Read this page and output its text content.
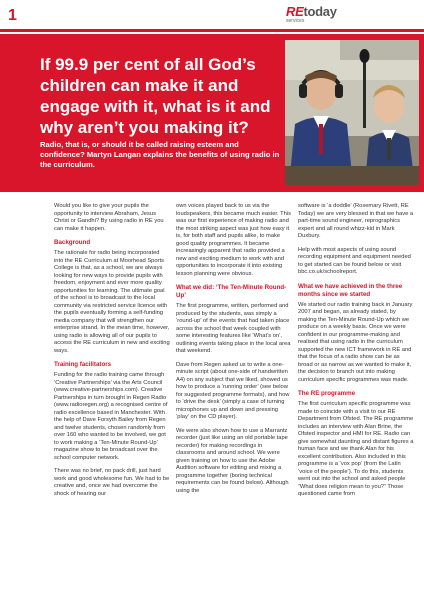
1	REtoday
services
If 99.9 per cent of all God’s children can make it and engage with it, what is it and why aren’t you making it?
Radio, that is, or should it be called raising esteem and confidence? Martyn Langan explains the benefits of using radio in the curriculum.

Would you like to give your pupils the opportunity to interview Abraham, Jesus Christ or Gandhi? By using radio in RE you can make it happen.

Background

The rationale for radio being incorporated into the RE Curriculum at Moorhead Sports College is that, as a school, we are always looking for new ways to provide pupils with freedom, enjoyment and ever more quality opportunities for learning. The ultimate goal of the school is to broadcast to the local community via restricted service licence with the pupils eventually forming a self-funding media company that will strengthen our enterprise strand. In the mean time, however, using radio is allowing all of our pupils to access the RE curriculum in new and exciting ways.

Training facilitators

Funding for the radio training came through ‘Creative Partnerships’ via the Arts Council (www.creative-partnerships.com). Creative Partnerships in turn brought in Regen Radio (www.radioregen.org) a recognised centre of radio excellence based in Manchester. With the help of Dave Forsyth Bailey from Regen and twelve students, chosen randomly from over 160 who wanted to be involved, we got to work making a ‘Ten-Minute Round-Up’ magazine show to be broadcast over the school computer network.

There was no brief, no pack drill, just hard work and good wholesome fun. We had to be creative and, once we had overcome the shock of hearing our

own voices played back to us via the loudspeakers, this became much easier. This was our first experience of making radio and the most striking aspect was just how easy it is, for both staff and pupils alike, to make good quality programmes. It became increasingly apparent that radio provided a new and exciting medium to work with and opportunities to incorporate it into existing lesson planning were obvious.

What we did: ‘The Ten-Minute Round-Up’

The first programme, written, performed and produced by the students, was simply a ‘round-up’ of the events that had taken place across the school that week coupled with some interesting features like ‘What’s on’, outlining events taking place in the local area that weekend.

Dave from Regen asked us to write a one-minute script (about one-side of handwritten A4) on any subject that we liked, showed us how to produce a ‘running order’ (see below for suggested programme formats), and how to ‘drive the desk’ (simply a case of turning microphones up and down and pressing ‘play’ on the CD player).

We were also shown how to use a Marrantz recorder (just like using an old portable tape recorder) for making recordings in classrooms and around school. We were given training on how to use the Adobe Audition software for editing and mixing a programme together (boring technical requirements can be found below). Although using the

software is ‘a doddle’ (Rosemary Rivett, RE Today) we are very blessed in that we have a part-time sound engineer, reprographics expert and all round whizz-kid in Mark Duxbury.

Help with most aspects of using sound recording equipment and equipment needed to get started can be found below or visit bbc.co.uk/schoolreport.

What we have achieved in the three months since we started

We started our radio training back in January 2007 and began, as already stated, by making the Ten-Minute Round-Up which we produce on a weekly basis. Once we were confident in our programme-making and realised that using radio in the curriculum supported the new ICT framework in RE and that the focus of a radio show can be as broad or as narrow as we wanted to make it, the decision to branch out into making curriculum specific programmes was made.

The RE programme

The first curriculum specific programme was made to coincide with a visit to our RE Department from Ofsted. The RE programme includes an interview with Alan Brine, the Ofsted inspector and HMI for RE. Radio can give somewhat daunting and distant figures a human face and we thank Alan for his excellent contribution. Also included in this programme is a ‘vox pop’ (from the Latin ‘voice of the people’). To do this, students went out into the school and asked people “What does religion mean to you?” Those questioned came from
